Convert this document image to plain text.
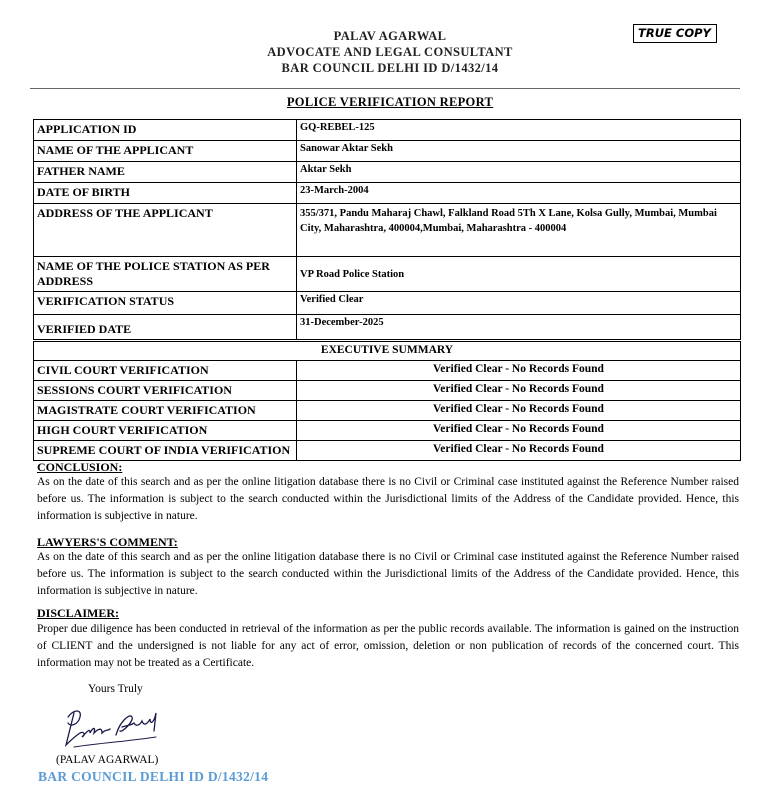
PALAV AGARWAL
ADVOCATE AND LEGAL CONSULTANT
BAR COUNCIL DELHI ID D/1432/14
TRUE COPY
POLICE VERIFICATION REPORT
APPLICATION ID	GQ-REBEL-125
NAME OF THE APPLICANT	Sanowar Aktar Sekh
FATHER NAME	Aktar Sekh
DATE OF BIRTH	23-March-2004
ADDRESS OF THE APPLICANT	355/371, Pandu Maharaj Chawl, Falkland Road 5Th X Lane, Kolsa Gully, Mumbai, Mumbai City, Maharashtra, 400004,Mumbai, Maharashtra - 400004
NAME OF THE POLICE STATION AS PER ADDRESS	VP Road Police Station
VERIFICATION STATUS	Verified Clear
VERIFIED DATE	31-December-2025
EXECUTIVE SUMMARY	
CIVIL COURT VERIFICATION	Verified Clear - No Records Found
SESSIONS COURT VERIFICATION	Verified Clear - No Records Found
MAGISTRATE COURT VERIFICATION	Verified Clear - No Records Found
HIGH COURT VERIFICATION	Verified Clear - No Records Found
SUPREME COURT OF INDIA VERIFICATION	Verified Clear - No Records Found
CONCLUSION:
As on the date of this search and as per the online litigation database there is no Civil or Criminal case instituted against the Reference Number raised before us. The information is subject to the search conducted within the Jurisdictional limits of the Address of the Candidate provided. Hence, this information is subjective in nature.
LAWYERS'S COMMENT:
As on the date of this search and as per the online litigation database there is no Civil or Criminal case instituted against the Reference Number raised before us. The information is subject to the search conducted within the Jurisdictional limits of the Address of the Candidate provided. Hence, this information is subjective in nature.
DISCLAIMER:
Proper due diligence has been conducted in retrieval of the information as per the public records available. The information is gained on the instruction of CLIENT and the undersigned is not liable for any act of error, omission, deletion or non publication of records of the concerned court. This information may not be treated as a Certificate.
Yours Truly
(PALAV AGARWAL)
BAR COUNCIL DELHI ID D/1432/14
